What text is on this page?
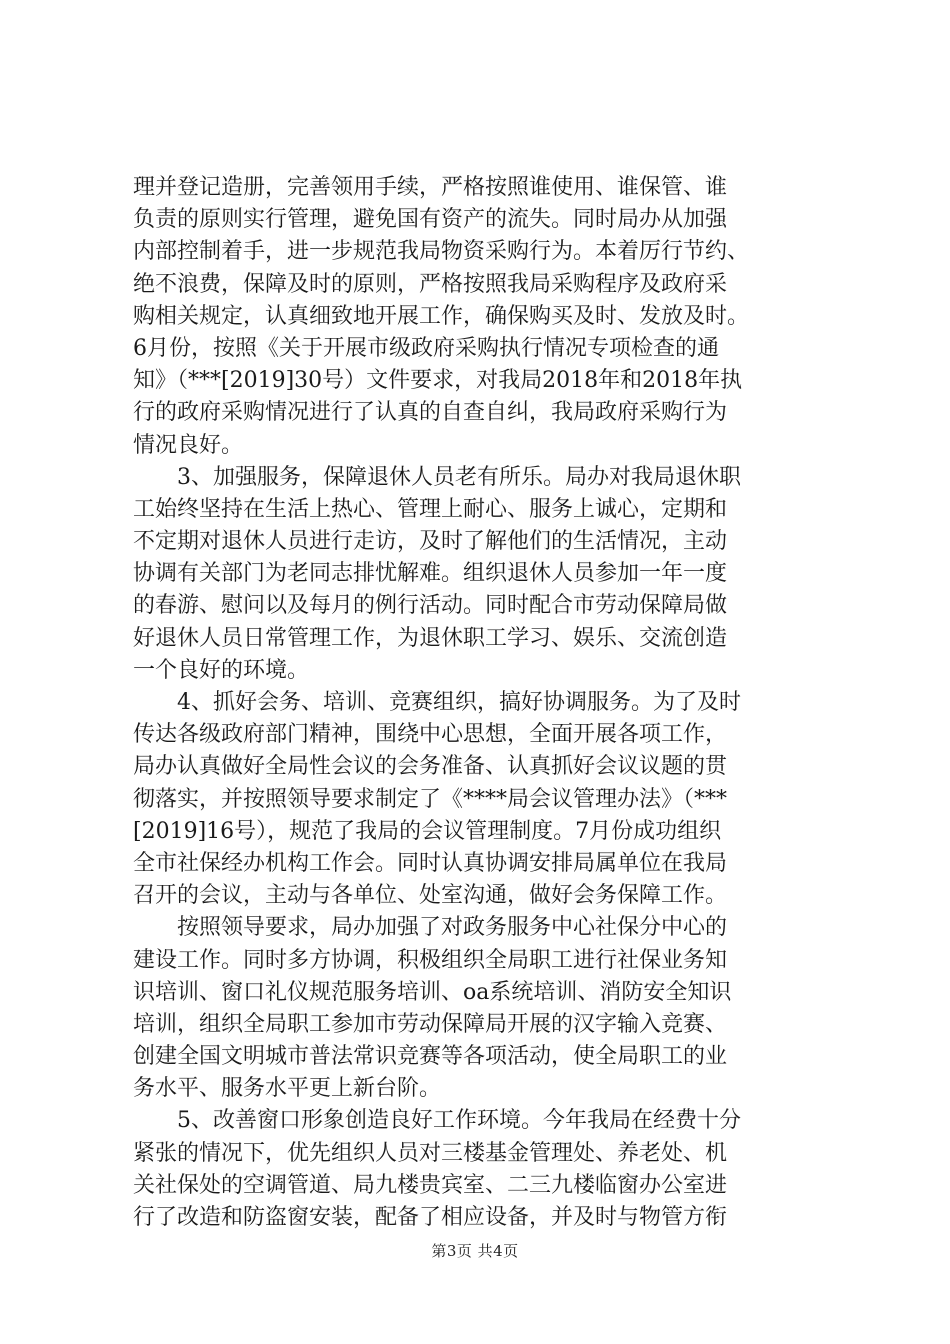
理并登记造册，完善领用手续，严格按照谁使用、谁保管、谁
负责的原则实行管理，避免国有资产的流失。同时局办从加强
内部控制着手，进一步规范我局物资采购行为。本着厉行节约、
绝不浪费，保障及时的原则，严格按照我局采购程序及政府采
购相关规定，认真细致地开展工作，确保购买及时、发放及时。
6月份，按照《关于开展市级政府采购执行情况专项检查的通
知》（***[2019]30号）文件要求，对我局2018年和2018年执
行的政府采购情况进行了认真的自查自纠，我局政府采购行为
情况良好。
3、加强服务，保障退休人员老有所乐。局办对我局退休职
工始终坚持在生活上热心、管理上耐心、服务上诚心，定期和
不定期对退休人员进行走访，及时了解他们的生活情况，主动
协调有关部门为老同志排忧解难。组织退休人员参加一年一度
的春游、慰问以及每月的例行活动。同时配合市劳动保障局做
好退休人员日常管理工作，为退休职工学习、娱乐、交流创造
一个良好的环境。
4、抓好会务、培训、竞赛组织，搞好协调服务。为了及时
传达各级政府部门精神，围绕中心思想，全面开展各项工作，
局办认真做好全局性会议的会务准备、认真抓好会议议题的贯
彻落实，并按照领导要求制定了《****局会议管理办法》（***
[2019]16号），规范了我局的会议管理制度。7月份成功组织
全市社保经办机构工作会。同时认真协调安排局属单位在我局
召开的会议，主动与各单位、处室沟通，做好会务保障工作。
按照领导要求，局办加强了对政务服务中心社保分中心的
建设工作。同时多方协调，积极组织全局职工进行社保业务知
识培训、窗口礼仪规范服务培训、oa系统培训、消防安全知识
培训，组织全局职工参加市劳动保障局开展的汉字输入竞赛、
创建全国文明城市普法常识竞赛等各项活动，使全局职工的业
务水平、服务水平更上新台阶。
5、改善窗口形象创造良好工作环境。今年我局在经费十分
紧张的情况下，优先组织人员对三楼基金管理处、养老处、机
关社保处的空调管道、局九楼贵宾室、二三九楼临窗办公室进
行了改造和防盗窗安装，配备了相应设备，并及时与物管方衔
第3页 共4页
